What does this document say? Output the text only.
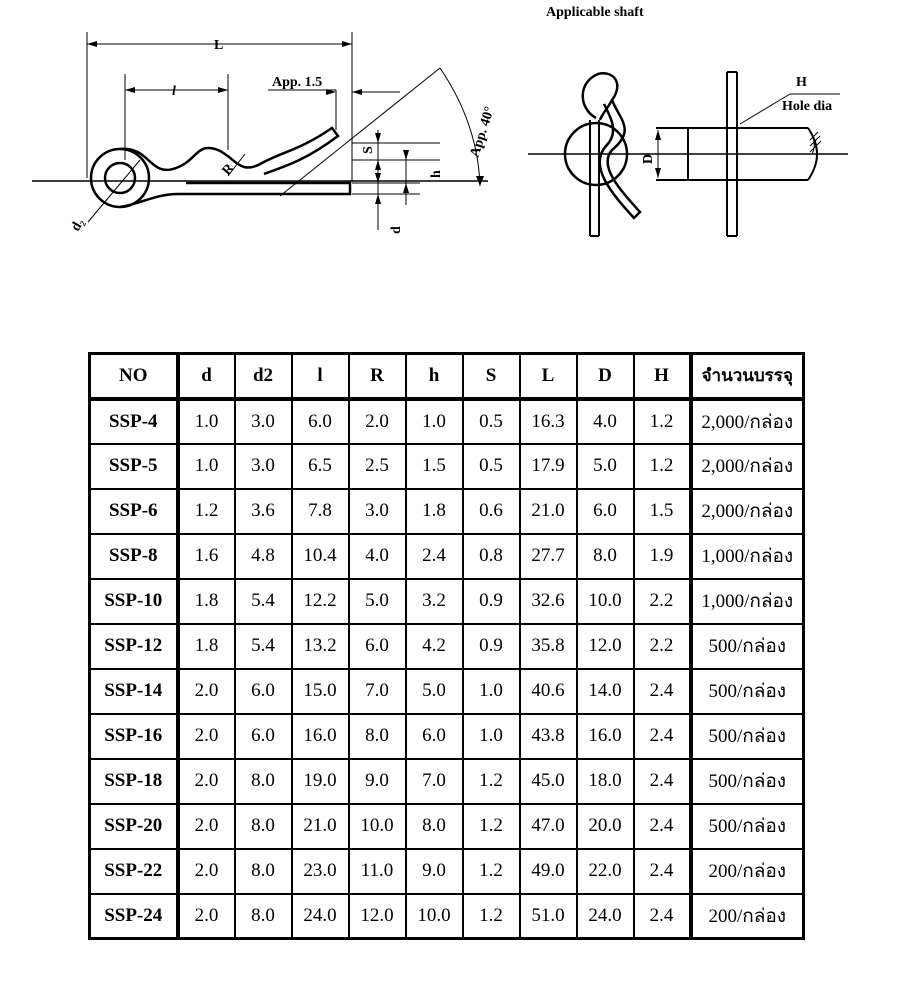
L
l
App. 1.5
App. 40°
S
h
d
R
d₂
Applicable shaft
D
H
Hole dia
NO	d	d2	l	R	h	S	L	D	H	จำนวนบรรจุ
SSP-4	1.0	3.0	6.0	2.0	1.0	0.5	16.3	4.0	1.2	2,000/กล่อง
SSP-5	1.0	3.0	6.5	2.5	1.5	0.5	17.9	5.0	1.2	2,000/กล่อง
SSP-6	1.2	3.6	7.8	3.0	1.8	0.6	21.0	6.0	1.5	2,000/กล่อง
SSP-8	1.6	4.8	10.4	4.0	2.4	0.8	27.7	8.0	1.9	1,000/กล่อง
SSP-10	1.8	5.4	12.2	5.0	3.2	0.9	32.6	10.0	2.2	1,000/กล่อง
SSP-12	1.8	5.4	13.2	6.0	4.2	0.9	35.8	12.0	2.2	500/กล่อง
SSP-14	2.0	6.0	15.0	7.0	5.0	1.0	40.6	14.0	2.4	500/กล่อง
SSP-16	2.0	6.0	16.0	8.0	6.0	1.0	43.8	16.0	2.4	500/กล่อง
SSP-18	2.0	8.0	19.0	9.0	7.0	1.2	45.0	18.0	2.4	500/กล่อง
SSP-20	2.0	8.0	21.0	10.0	8.0	1.2	47.0	20.0	2.4	500/กล่อง
SSP-22	2.0	8.0	23.0	11.0	9.0	1.2	49.0	22.0	2.4	200/กล่อง
SSP-24	2.0	8.0	24.0	12.0	10.0	1.2	51.0	24.0	2.4	200/กล่อง
